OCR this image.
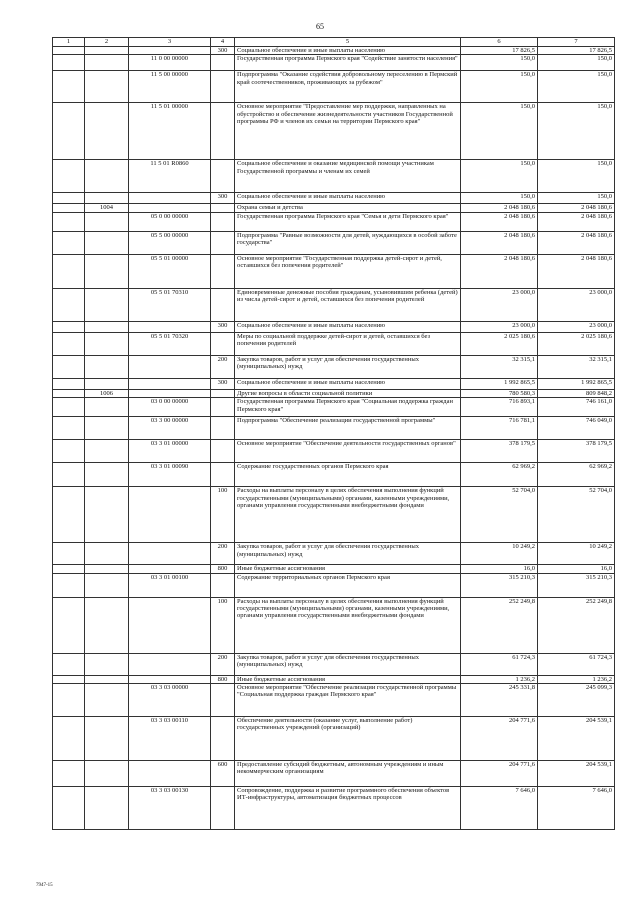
65
1	2	3	4	5	6	7
			300	Социальное обеспечение и иные выплаты населению	17 826,5	17 826,5
		11 0 00 00000		Государственная программа Пермского края "Содействие занятости населения"	150,0	150,0
		11 5 00 00000		Подпрограмма "Оказание содействия добровольному переселению в Пермский край соотечественников, проживающих за рубежом"	150,0	150,0
		11 5 01 00000		Основное мероприятие "Предоставление мер поддержки, направленных на обустройство и обеспечение жизнедеятельности участников Государственной программы РФ и членов их семьи на территории Пермского края"	150,0	150,0
		11 5 01 R0860		Социальное обеспечение и оказание медицинской помощи участникам Государственной программы и членам их семей	150,0	150,0
			300	Социальное обеспечение и иные выплаты населению	150,0	150,0
	1004			Охрана семьи и детства	2 048 180,6	2 048 180,6
		05 0 00 00000		Государственная программа Пермского края "Семья и дети Пермского края"	2 048 180,6	2 048 180,6
		05 5 00 00000		Подпрограмма "Равные возможности для детей, нуждающихся в особой заботе государства"	2 048 180,6	2 048 180,6
		05 5 01 00000		Основное мероприятие "Государственная поддержка детей-сирот и детей, оставшихся без попечения родителей"	2 048 180,6	2 048 180,6
		05 5 01 70310		Единовременные денежные пособия гражданам, усыновившим ребенка (детей) из числа детей-сирот и детей, оставшихся без попечения родителей	23 000,0	23 000,0
			300	Социальное обеспечение и иные выплаты населению	23 000,0	23 000,0
		05 5 01 70320		Меры по социальной поддержке детей-сирот и детей, оставшихся без попечения родителей	2 025 180,6	2 025 180,6
			200	Закупка товаров, работ и услуг для обеспечения государственных (муниципальных) нужд	32 315,1	32 315,1
			300	Социальное обеспечение и иные выплаты населению	1 992 865,5	1 992 865,5
	1006			Другие вопросы в области социальной политики	780 580,3	809 848,2
		03 0 00 00000		Государственная программа Пермского края "Социальная поддержка граждан Пермского края"	716 893,1	746 161,0
		03 3 00 00000		Подпрограмма "Обеспечение реализации государственной программы"	716 781,1	746 049,0
		03 3 01 00000		Основное мероприятие "Обеспечение деятельности государственных органов"	378 179,5	378 179,5
		03 3 01 00090		Содержание государственных органов Пермского края	62 969,2	62 969,2
			100	Расходы на выплаты персоналу в целях обеспечения выполнения функций государственными (муниципальными) органами, казенными учреждениями, органами управления государственными внебюджетными фондами	52 704,0	52 704,0
			200	Закупка товаров, работ и услуг для обеспечения государственных (муниципальных) нужд	10 249,2	10 249,2
			800	Иные бюджетные ассигнования	16,0	16,0
		03 3 01 00100		Содержание территориальных органов Пермского края	315 210,3	315 210,3
			100	Расходы на выплаты персоналу в целях обеспечения выполнения функций государственными (муниципальными) органами, казенными учреждениями, органами управления государственными внебюджетными фондами	252 249,8	252 249,8
			200	Закупка товаров, работ и услуг для обеспечения государственных (муниципальных) нужд	61 724,3	61 724,3
			800	Иные бюджетные ассигнования	1 236,2	1 236,2
		03 3 03 00000		Основное мероприятие "Обеспечение реализации государственной программы "Социальная поддержка граждан Пермского края"	245 331,8	245 099,3
		03 3 03 00110		Обеспечение деятельности (оказание услуг, выполнение работ) государственных учреждений (организаций)	204 771,6	204 539,1
			600	Предоставление субсидий бюджетным, автономным учреждениям и иным некоммерческим организациям	204 771,6	204 539,1
		03 3 03 00130		Сопровождение, поддержка и развитие программного обеспечения объектов ИТ-инфраструктуры, автоматизация бюджетных процессов	7 646,0	7 646,0
7947-15
